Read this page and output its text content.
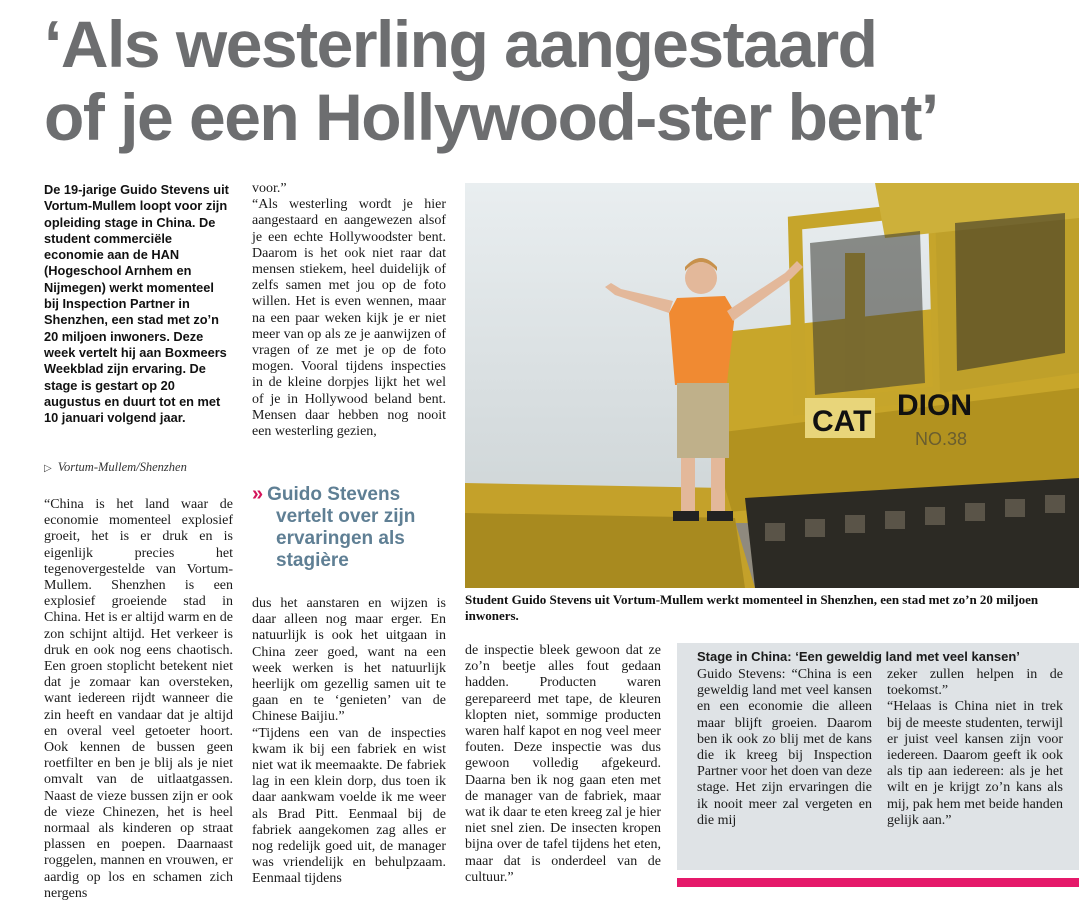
‘Als westerling aangestaard
of je een Hollywood-ster bent’
De 19-jarige Guido Stevens uit Vortum-Mullem loopt voor zijn opleiding stage in China. De student commerciële economie aan de HAN (Hogeschool Arnhem en Nijmegen) werkt momenteel bij Inspection Partner in Shenzhen, een stad met zo’n 20 miljoen inwoners. Deze week vertelt hij aan Boxmeers Weekblad zijn ervaring. De stage is gestart op 20 augustus en duurt tot en met 10 januari volgend jaar.
▷ Vortum-Mullem/Shenzhen

“China is het land waar de economie momenteel explosief groeit, het is er druk en is eigenlijk precies het tegenovergestelde van Vortum-Mullem. Shenzhen is een explosief groeiende stad in China. Het is er altijd warm en de zon schijnt altijd. Het verkeer is druk en ook nog eens chaotisch. Een groen stoplicht betekent niet dat je zomaar kan oversteken, want iedereen rijdt wanneer die zin heeft en vandaar dat je altijd en overal veel getoeter hoort. Ook kennen de bussen geen roetfilter en ben je blij als je niet omvalt van de uitlaatgassen. Naast de vieze bussen zijn er ook de vieze Chinezen, het is heel normaal als kinderen op straat plassen en poepen. Daarnaast roggelen, mannen en vrouwen, er aardig op los en schamen zich nergens

voor.”

“Als westerling wordt je hier aangestaard en aangewezen alsof je een echte Hollywoodster bent. Daarom is het ook niet raar dat mensen stiekem, heel duidelijk of zelfs samen met jou op de foto willen. Het is even wennen, maar na een paar weken kijk je er niet meer van op als ze je aanwijzen of vragen of ze met je op de foto mogen. Vooral tijdens inspecties in de kleine dorpjes lijkt het wel of je in Hollywood beland bent. Mensen daar hebben nog nooit een westerling gezien,

» Guido Stevens vertelt over zijn ervaringen als stagière

dus het aanstaren en wijzen is daar alleen nog maar erger. En natuurlijk is ook het uitgaan in China zeer goed, want na een week werken is het natuurlijk heerlijk om gezellig samen uit te gaan en te ‘genieten’ van de Chinese Baijiu.”

“Tijdens een van de inspecties kwam ik bij een fabriek en wist niet wat ik meemaakte. De fabriek lag in een klein dorp, dus toen ik daar aankwam voelde ik me weer als Brad Pitt. Eenmaal bij de fabriek aangekomen zag alles er nog redelijk goed uit, de manager was vriendelijk en behulpzaam. Eenmaal tijdens

de inspectie bleek gewoon dat ze zo’n beetje alles fout gedaan hadden. Producten waren gerepareerd met tape, de kleuren klopten niet, sommige producten waren half kapot en nog veel meer fouten. Deze inspectie was dus gewoon volledig afgekeurd. Daarna ben ik nog gaan eten met de manager van de fabriek, maar wat ik daar te eten kreeg zal je hier niet snel zien. De insecten kropen bijna over de tafel tijdens het eten, maar dat is onderdeel van de cultuur.”

CAT DION
NO.38
Student Guido Stevens uit Vortum-Mullem werkt momenteel in Shenzhen, een stad met zo’n 20 miljoen inwoners.
Stage in China: ‘Een geweldig land met veel kansen’

Guido Stevens: “China is een geweldig land met veel kansen en een economie die alleen maar blijft groeien. Daarom ben ik ook zo blij met de kans die ik kreeg bij Inspection Partner voor het doen van deze stage. Het zijn ervaringen die ik nooit meer zal vergeten en die mij

zeker zullen helpen in de toekomst.”

“Helaas is China niet in trek bij de meeste studenten, terwijl er juist veel kansen zijn voor iedereen. Daarom geeft ik ook als tip aan iedereen: als je het wilt en je krijgt zo’n kans als mij, pak hem met beide handen gelijk aan.”
